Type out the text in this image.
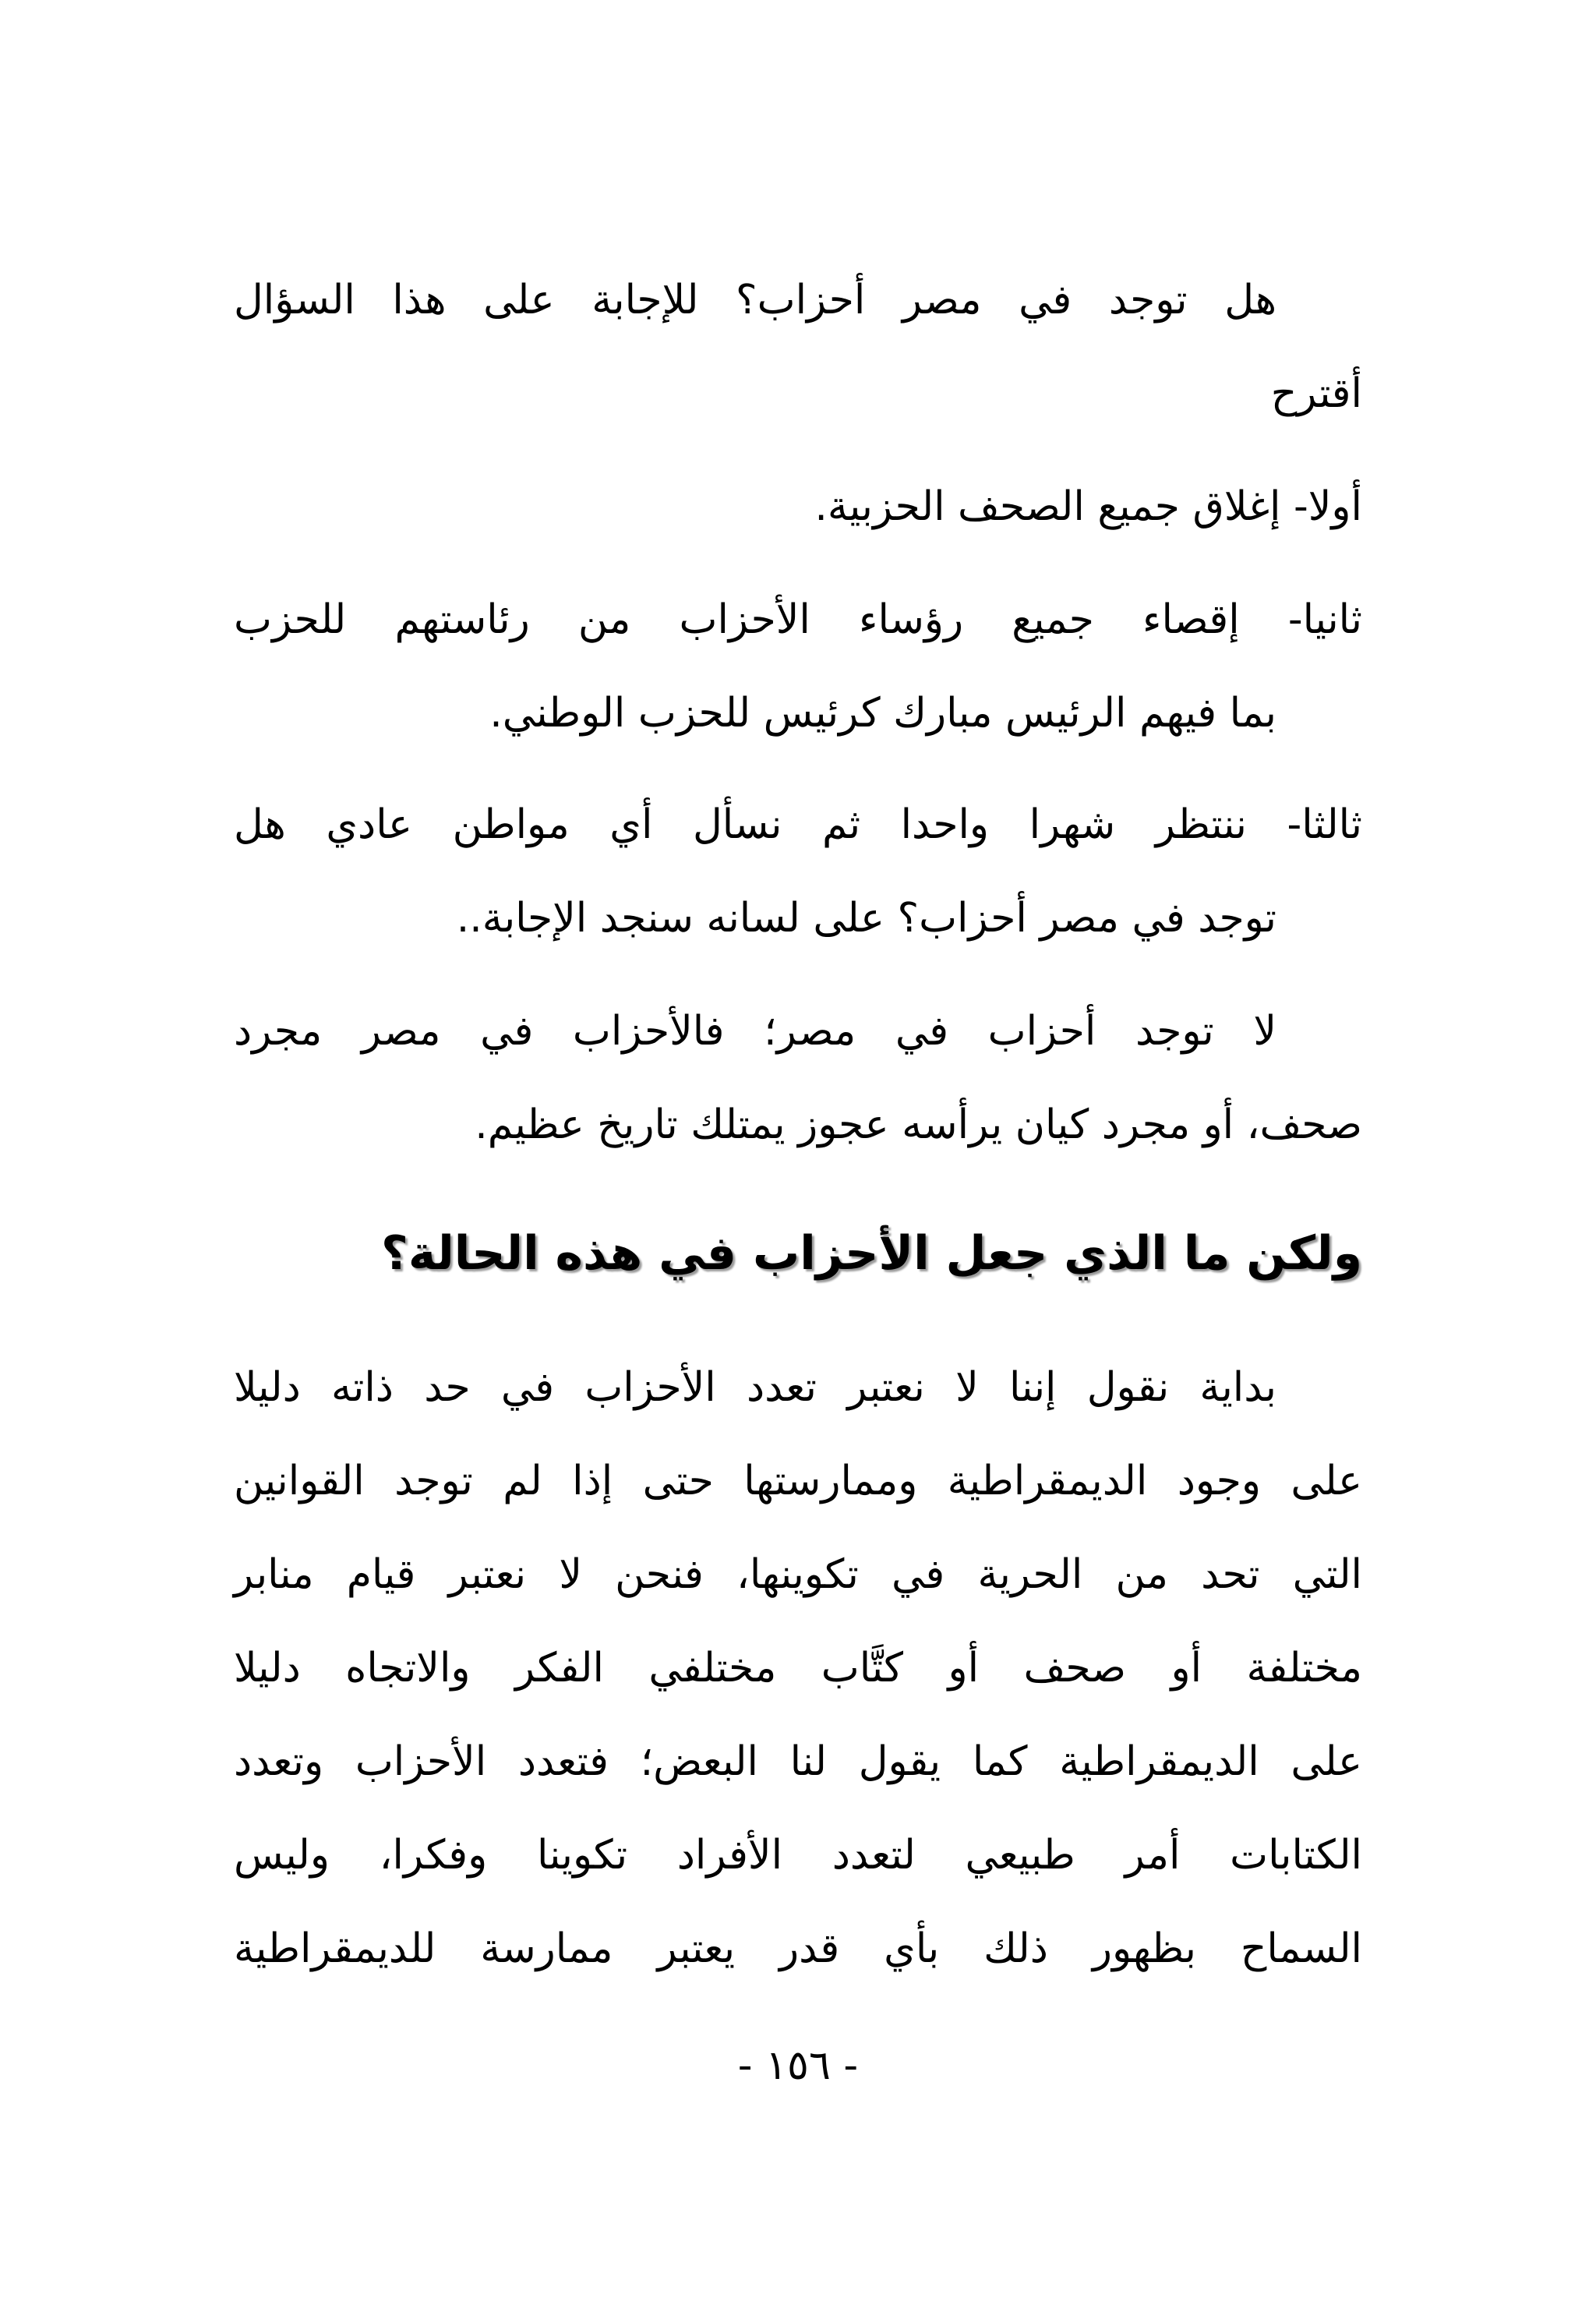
هل توجد في مصر أحزاب؟ للإجابة على هذا السؤال
أقترح
أولا- إغلاق جميع الصحف الحزبية.
ثانيا- إقصاء جميع رؤساء الأحزاب من رئاستهم للحزب
بما فيهم الرئيس مبارك كرئيس للحزب الوطني.
ثالثا- ننتظر شهرا واحدا ثم نسأل أي مواطن عادي هل
توجد في مصر أحزاب؟ على لسانه سنجد الإجابة..
لا توجد أحزاب في مصر؛ فالأحزاب في مصر مجرد
صحف، أو مجرد كيان يرأسه عجوز يمتلك تاريخ عظيم.
ولكن ما الذي جعل الأحزاب في هذه الحالة؟
بداية نقول إننا لا نعتبر تعدد الأحزاب في حد ذاته دليلا
على وجود الديمقراطية وممارستها حتى إذا لم توجد القوانين
التي تحد من الحرية في تكوينها، فنحن لا نعتبر قيام منابر
مختلفة أو صحف أو كتَّاب مختلفي الفكر والاتجاه دليلا
على الديمقراطية كما يقول لنا البعض؛ فتعدد الأحزاب وتعدد
الكتابات أمر طبيعي لتعدد الأفراد تكوينا وفكرا، وليس
السماح بظهور ذلك بأي قدر يعتبر ممارسة للديمقراطية
- ١٥٦ -
